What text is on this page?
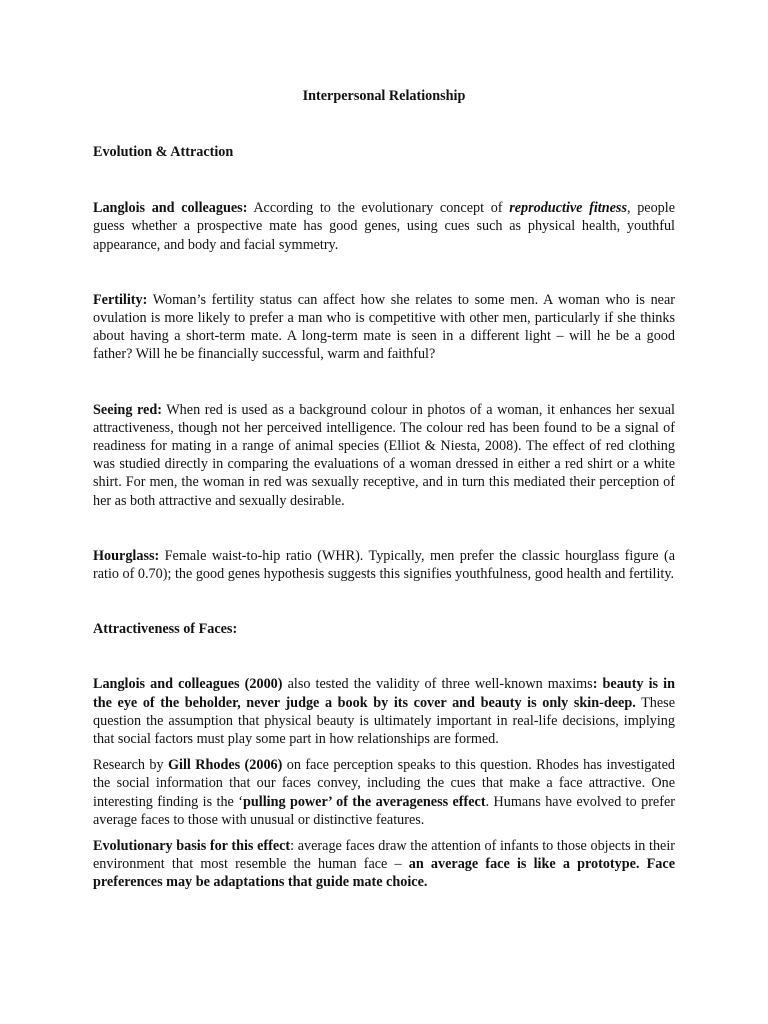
Interpersonal Relationship
Evolution & Attraction

Langlois and colleagues: According to the evolutionary concept of reproductive fitness, people guess whether a prospective mate has good genes, using cues such as physical health, youthful appearance, and body and facial symmetry.

Fertility: Woman’s fertility status can affect how she relates to some men. A woman who is near ovulation is more likely to prefer a man who is competitive with other men, particularly if she thinks about having a short-term mate. A long-term mate is seen in a different light – will he be a good father? Will he be financially successful, warm and faithful?

Seeing red: When red is used as a background colour in photos of a woman, it enhances her sexual attractiveness, though not her perceived intelligence. The colour red has been found to be a signal of readiness for mating in a range of animal species (Elliot & Niesta, 2008). The effect of red clothing was studied directly in comparing the evaluations of a woman dressed in either a red shirt or a white shirt. For men, the woman in red was sexually receptive, and in turn this mediated their perception of her as both attractive and sexually desirable.

Hourglass: Female waist-to-hip ratio (WHR). Typically, men prefer the classic hourglass figure (a ratio of 0.70); the good genes hypothesis suggests this signifies youthfulness, good health and fertility.

Attractiveness of Faces:

Langlois and colleagues (2000) also tested the validity of three well-known maxims: beauty is in the eye of the beholder, never judge a book by its cover and beauty is only skin-deep. These question the assumption that physical beauty is ultimately important in real-life decisions, implying that social factors must play some part in how relationships are formed.

Research by Gill Rhodes (2006) on face perception speaks to this question. Rhodes has investigated the social information that our faces convey, including the cues that make a face attractive. One interesting finding is the ‘pulling power’ of the averageness effect. Humans have evolved to prefer average faces to those with unusual or distinctive features.

Evolutionary basis for this effect: average faces draw the attention of infants to those objects in their environment that most resemble the human face – an average face is like a prototype. Face preferences may be adaptations that guide mate choice.
